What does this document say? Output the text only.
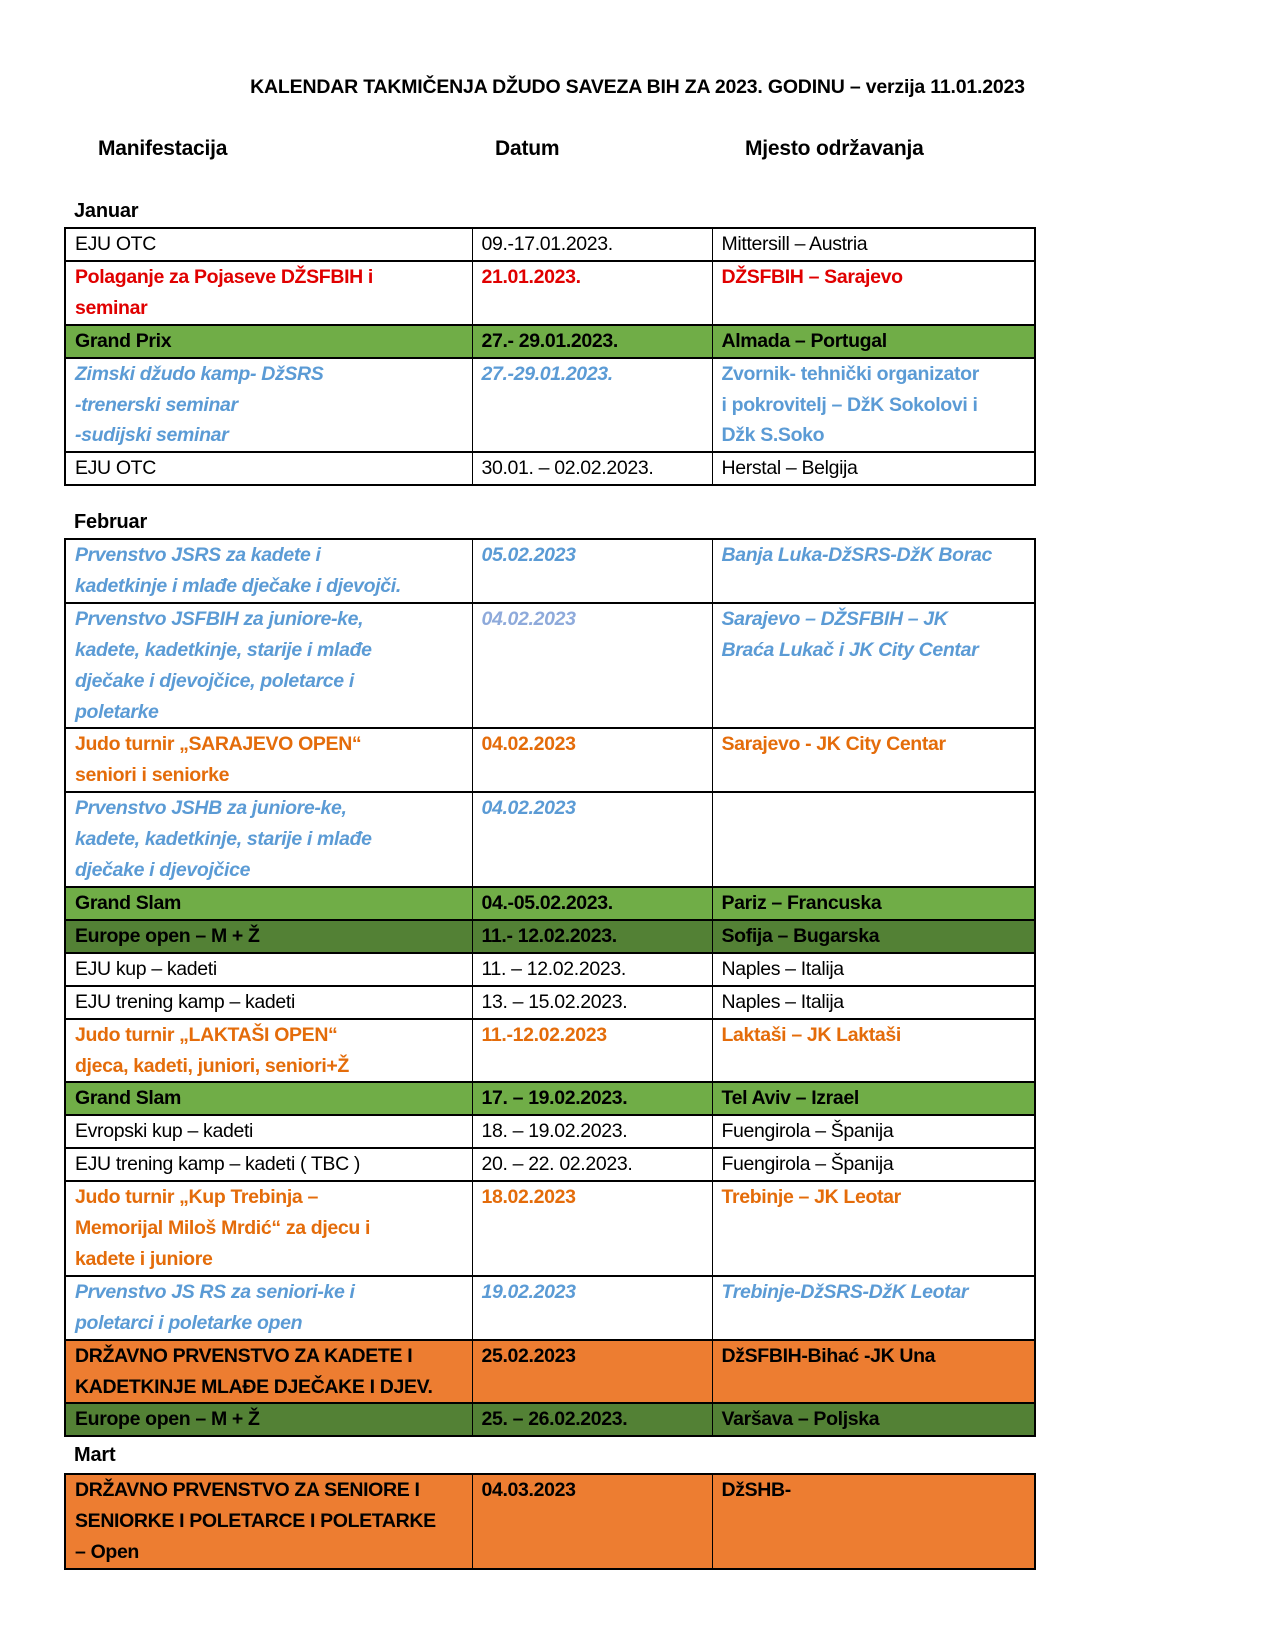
KALENDAR TAKMIČENJA DŽUDO SAVEZA BIH ZA 2023. GODINU – verzija 11.01.2023
Manifestacija	Datum	Mjesto održavanja
Januar
EJU OTC	09.-17.01.2023.	Mittersill – Austria

Polaganje za Pojaseve DŽSFBIH i
seminar	21.01.2023.	DŽSFBIH – Sarajevo

Grand Prix	27.- 29.01.2023.	Almada – Portugal

Zimski džudo kamp- DžSRS
-trenerski seminar
-sudijski seminar	27.-29.01.2023.	Zvornik- tehnički organizator
i pokrovitelj – DžK Sokolovi i
Džk S.Soko

EJU OTC	30.01. – 02.02.2023.	Herstal – Belgija
Februar
Prvenstvo JSRS za kadete i
kadetkinje i mlađe dječake i djevojči.	05.02.2023	Banja Luka-DžSRS-DžK Borac

Prvenstvo JSFBIH za juniore-ke,
kadete, kadetkinje, starije i mlađe
dječake i djevojčice, poletarce i
poletarke	04.02.2023	Sarajevo – DŽSFBIH – JK
Braća Lukač i JK City Centar

Judo turnir „SARAJEVO OPEN“
seniori i seniorke	04.02.2023	Sarajevo - JK City Centar

Prvenstvo JSHB za juniore-ke,
kadete, kadetkinje, starije i mlađe
dječake i djevojčice	04.02.2023	

Grand Slam	04.-05.02.2023.	Pariz – Francuska

Europe open – M + Ž	11.- 12.02.2023.	Sofija – Bugarska

EJU kup – kadeti	11. – 12.02.2023.	Naples – Italija

EJU trening kamp – kadeti	13. – 15.02.2023.	Naples – Italija

Judo turnir „LAKTAŠI OPEN“
djeca, kadeti, juniori, seniori+Ž	11.-12.02.2023	Laktaši – JK Laktaši

Grand Slam	17. – 19.02.2023.	Tel Aviv – Izrael

Evropski kup – kadeti	18. – 19.02.2023.	Fuengirola – Španija

EJU trening kamp – kadeti ( TBC )	20. – 22. 02.2023.	Fuengirola – Španija

Judo turnir „Kup Trebinja –
Memorijal Miloš Mrdić“ za djecu i
kadete i juniore	18.02.2023	Trebinje – JK Leotar

Prvenstvo JS RS za seniori-ke i
poletarci i poletarke open	19.02.2023	Trebinje-DžSRS-DžK Leotar

DRŽAVNO PRVENSTVO ZA KADETE I
KADETKINJE MLAĐE DJEČAKE I DJEV.	25.02.2023	DžSFBIH-Bihać -JK Una

Europe open – M + Ž	25. – 26.02.2023.	Varšava – Poljska
Mart
DRŽAVNO PRVENSTVO ZA SENIORE I
SENIORKE I POLETARCE I POLETARKE
– Open

04.03.2023	DžSHB-
